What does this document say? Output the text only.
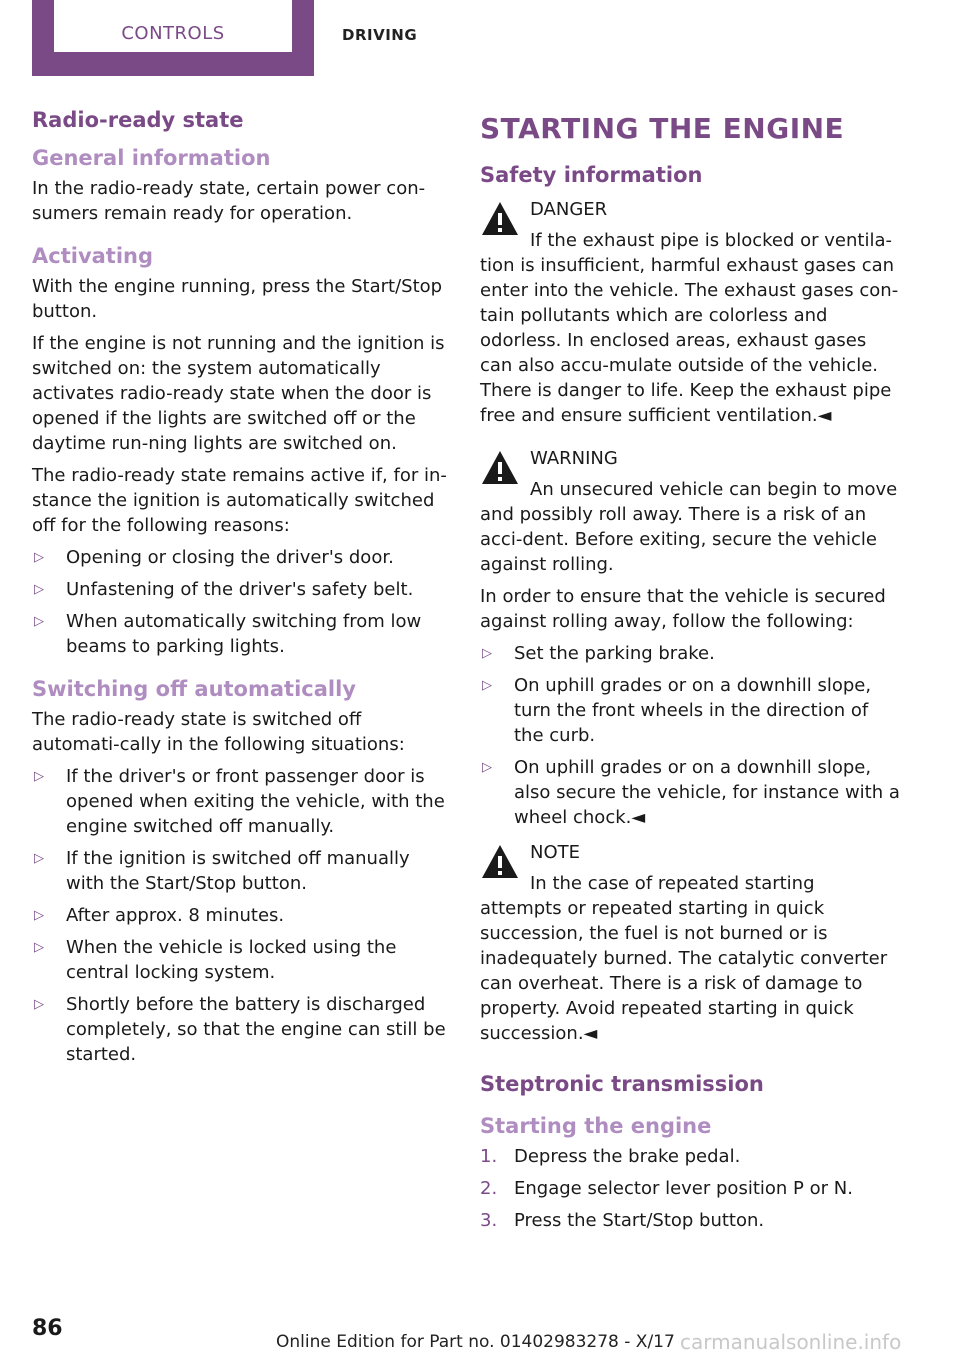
CONTROLS	DRIVING
Radio-ready state
General information

In the radio-ready state, certain power con-sumers remain ready for operation.

Activating

With the engine running, press the Start/Stop button.

If the engine is not running and the ignition is switched on: the system automatically activates radio-ready state when the door is opened if the lights are switched off or the daytime run-ning lights are switched on.

The radio-ready state remains active if, for in-stance the ignition is automatically switched off for the following reasons:

▷ Opening or closing the driver's door.
▷ Unfastening of the driver's safety belt.
▷ When automatically switching from low beams to parking lights.
Switching off automatically

The radio-ready state is switched off automati-cally in the following situations:

▷ If the driver's or front passenger door is opened when exiting the vehicle, with the engine switched off manually.
▷ If the ignition is switched off manually with the Start/Stop button.
▷ After approx. 8 minutes.
▷ When the vehicle is locked using the central locking system.
▷ Shortly before the battery is discharged completely, so that the engine can still be started.
STARTING THE ENGINE
Safety information
DANGER

If the exhaust pipe is blocked or ventila-tion is insufficient, harmful exhaust gases can enter into the vehicle. The exhaust gases con-tain pollutants which are colorless and odorless. In enclosed areas, exhaust gases can also accu-mulate outside of the vehicle. There is danger to life. Keep the exhaust pipe free and ensure sufficient ventilation.◄

WARNING

An unsecured vehicle can begin to move and possibly roll away. There is a risk of an acci-dent. Before exiting, secure the vehicle against rolling.

In order to ensure that the vehicle is secured against rolling away, follow the following:

▷ Set the parking brake.
▷ On uphill grades or on a downhill slope, turn the front wheels in the direction of the curb.
▷ On uphill grades or on a downhill slope, also secure the vehicle, for instance with a wheel chock.◄
NOTE

In the case of repeated starting attempts or repeated starting in quick succession, the fuel is not burned or is inadequately burned. The catalytic converter can overheat. There is a risk of damage to property. Avoid repeated starting in quick succession.◄

Steptronic transmission
Starting the engine
1. Depress the brake pedal.
2. Engage selector lever position P or N.
3. Press the Start/Stop button.
86
Online Edition for Part no. 01402983278 - X/17 carmanualsonline.info
